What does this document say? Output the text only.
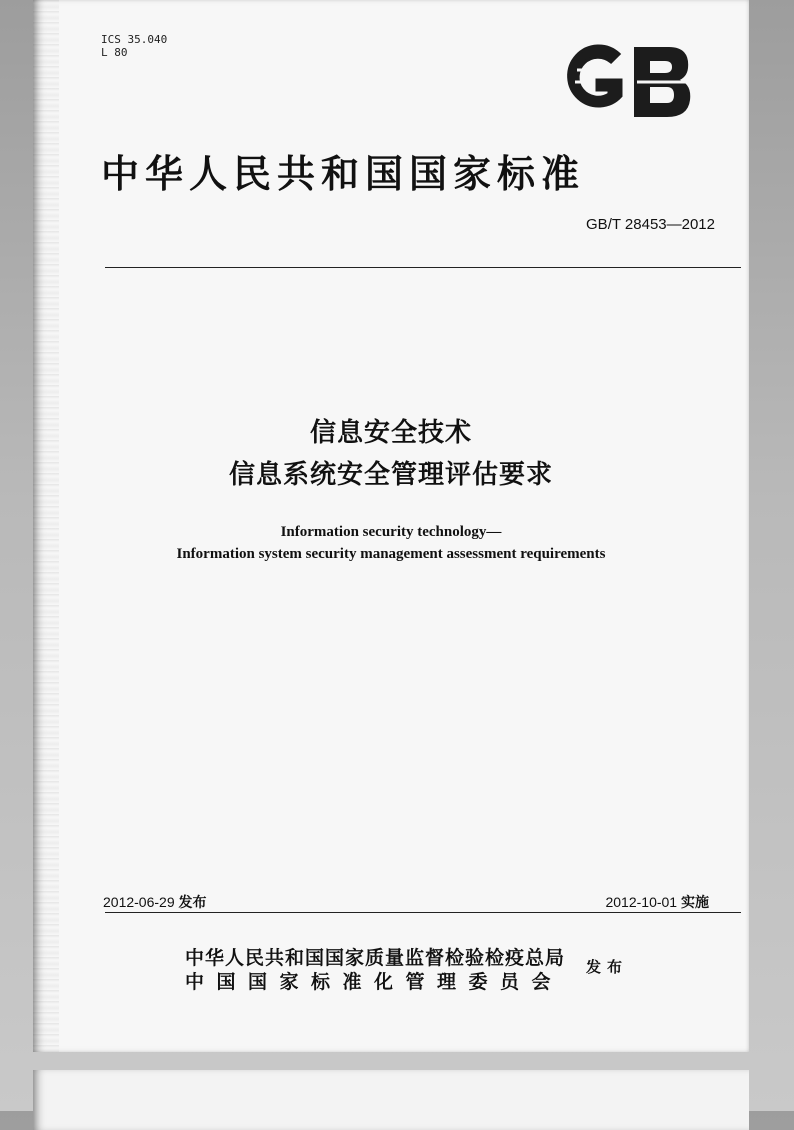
ICS 35.040
L 80
GB
中华人民共和国国家标准
GB/T 28453—2012
信息安全技术
信息系统安全管理评估要求
Information security technology—
Information system security management assessment requirements
2012-06-29 发布	2012-10-01 实施
中华人民共和国国家质量监督检验检疫总局
中国国家标准化管理委员会
发布
